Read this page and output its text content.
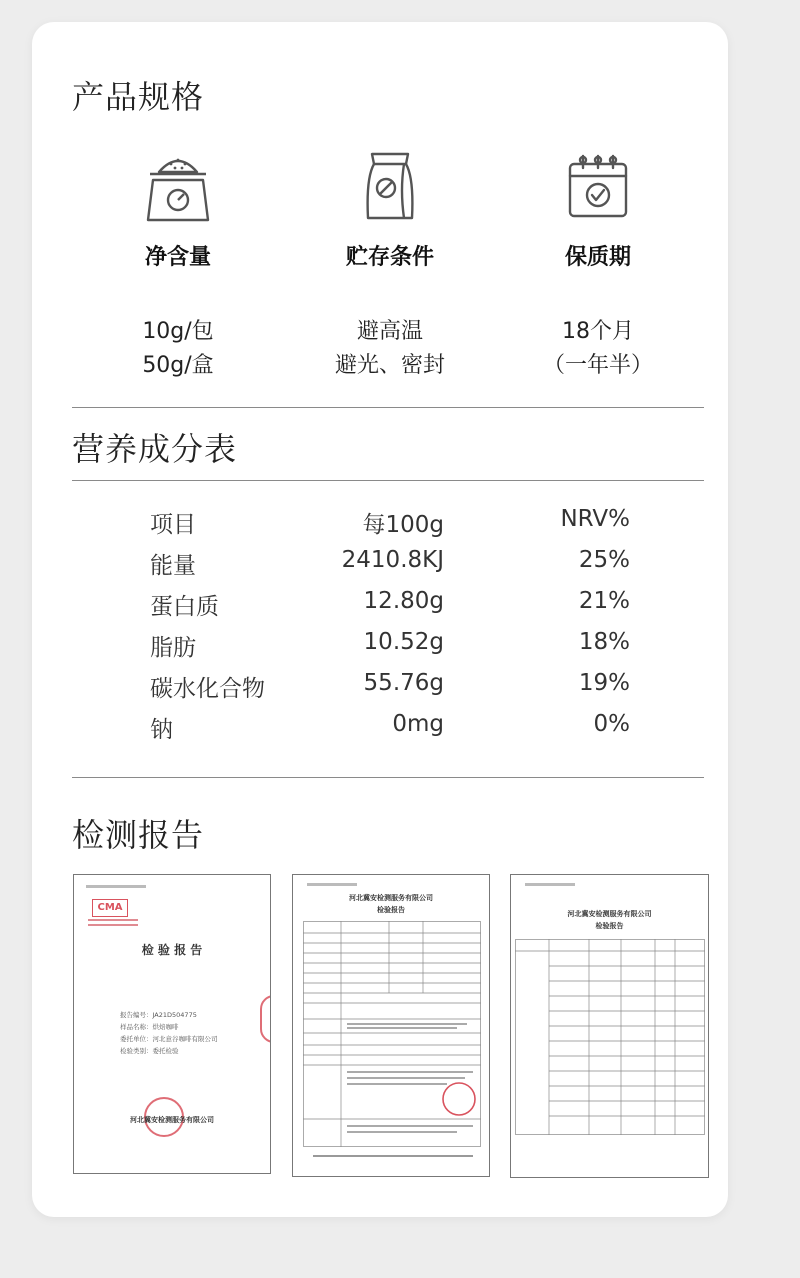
产品规格
净含量
10g/包
50g/盒
贮存条件
避高温
避光、密封
保质期
18个月
（一年半）
营养成分表
项目	每100g	NRV%
能量	2410.8KJ	25%
蛋白质	12.80g	21%
脂肪	10.52g	18%
碳水化合物	55.76g	19%
钠	0mg	0%
检测报告
CMA
检 验 报 告
报告编号：JA21D504775
样品名称：烘焙咖啡
委托单位：河北意谷咖啡有限公司
检验类别：委托检验
河北冀安检测服务有限公司
河北冀安检测服务有限公司
检验报告	河北冀安检测服务有限公司
检验报告
